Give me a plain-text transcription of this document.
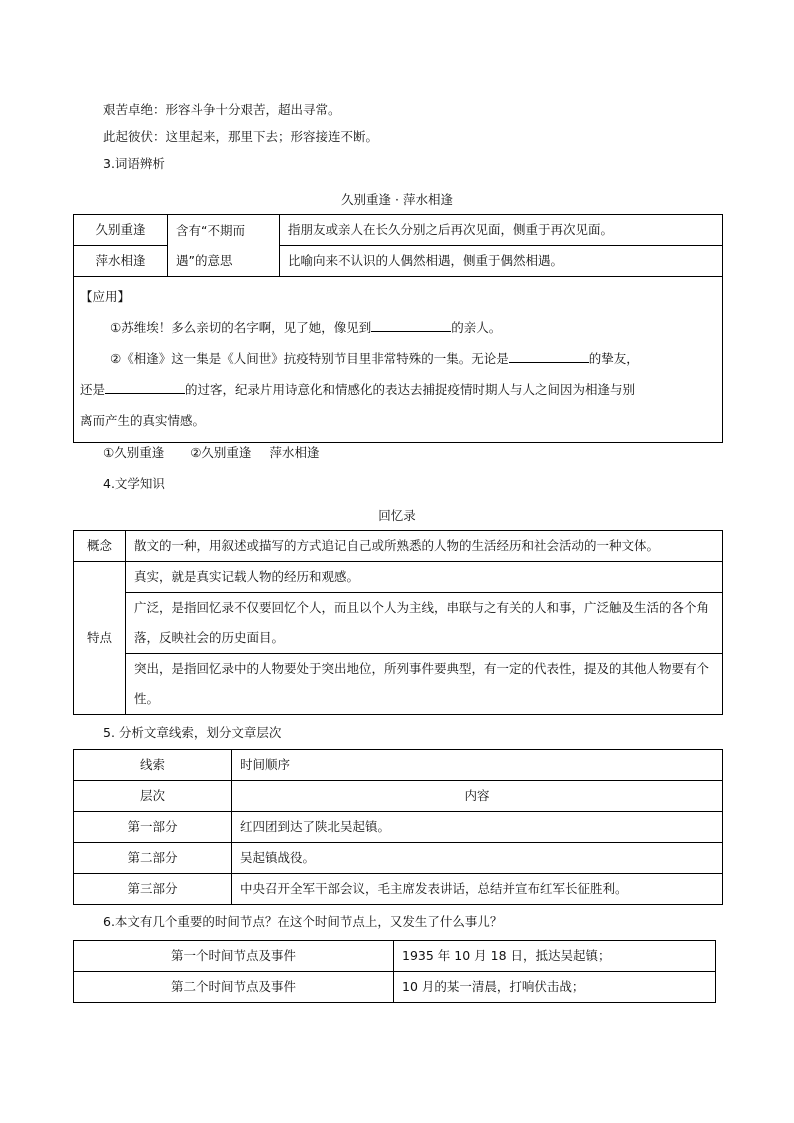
艰苦卓绝：形容斗争十分艰苦，超出寻常。
此起彼伏：这里起来，那里下去；形容接连不断。
3.词语辨析
久别重逢 · 萍水相逢
久别重逢	含有“不期而遇”的意思	指朋友或亲人在长久分别之后再次见面，侧重于再次见面。
萍水相逢		比喻向来不认识的人偶然相遇，侧重于偶然相遇。

【应用】
①苏维埃！多么亲切的名字啊，见了她，像见到 的亲人。
②《相逢》这一集是《人间世》抗疫特别节目里非常特殊的一集。无论是 的挚友，
还是 的过客，纪录片用诗意化和情感化的表达去捕捉疫情时期人与人之间因为相逢与别
离而产生的真实情感。		
①久别重逢 ②久别重逢 萍水相逢
4.文学知识
回忆录
概念	散文的一种，用叙述或描写的方式追记自己或所熟悉的人物的生活经历和社会活动的一种文体。
特点	真实，就是真实记载人物的经历和观感。
	广泛，是指回忆录不仅要回忆个人，而且以个人为主线，串联与之有关的人和事，广泛触及生活的各个角落，反映社会的历史面目。
	突出，是指回忆录中的人物要处于突出地位，所列事件要典型，有一定的代表性，提及的其他人物要有个性。
5. 分析文章线索，划分文章层次
线索	时间顺序
层次	内容
第一部分	红四团到达了陕北吴起镇。
第二部分	吴起镇战役。
第三部分	中央召开全军干部会议，毛主席发表讲话，总结并宣布红军长征胜利。
6.本文有几个重要的时间节点？在这个时间节点上，又发生了什么事儿？
第一个时间节点及事件	1935 年 10 月 18 日，抵达吴起镇；
第二个时间节点及事件	10 月的某一清晨，打响伏击战；
